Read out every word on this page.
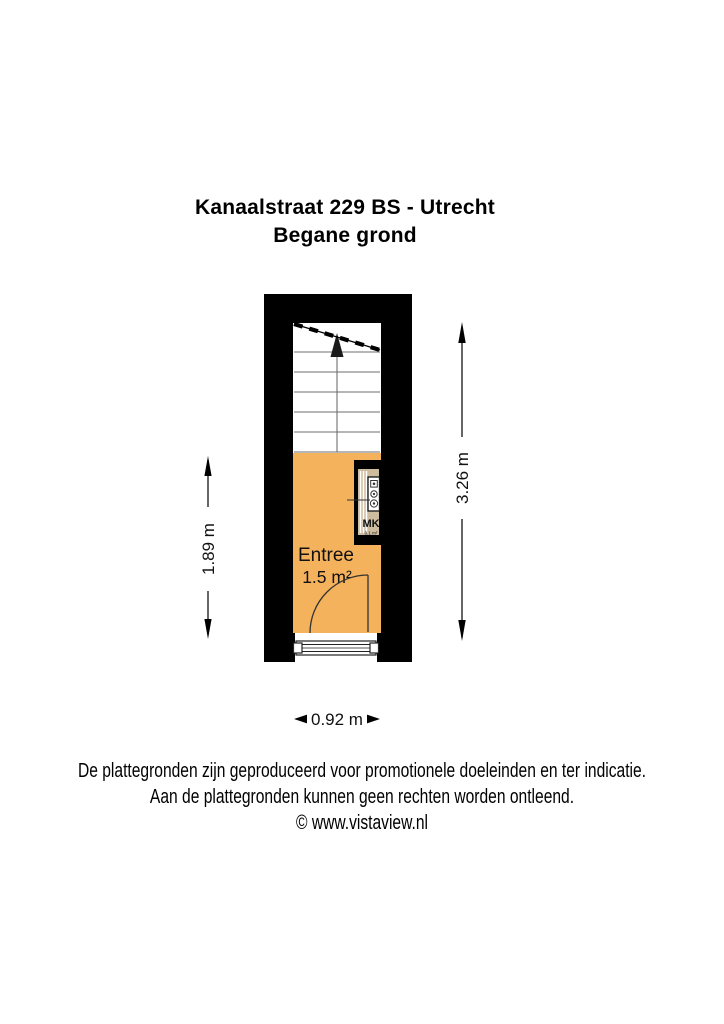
Kanaalstraat 229 BS - Utrecht
Begane grond
MK
0.1 m²
Entree
1.5 m²
3.26 m
1.89 m
0.92 m
De plattegronden zijn geproduceerd voor promotionele doeleinden en ter indicatie.
Aan de plattegronden kunnen geen rechten worden ontleend.
© www.vistaview.nl
